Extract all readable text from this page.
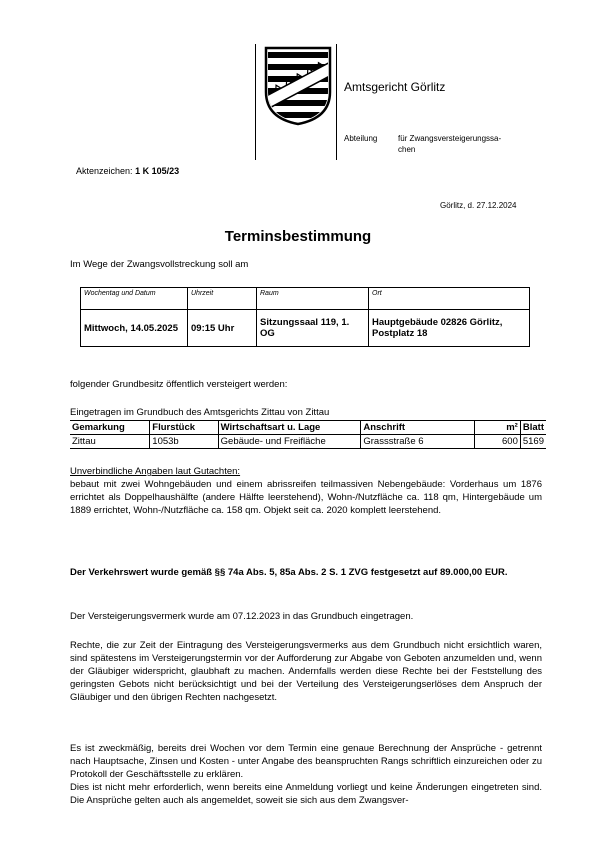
Amtsgericht Görlitz
Abteilung	für Zwangsversteigerungssa-
chen
Aktenzeichen: 1 K 105/23
Görlitz, d. 27.12.2024
Terminsbestimmung
Im Wege der Zwangsvollstreckung soll am
Wochentag und Datum	Uhrzeit	Raum	Ort
Mittwoch, 14.05.2025	09:15 Uhr	Sitzungssaal 119, 1. OG	Hauptgebäude 02826 Görlitz, Postplatz 18
folgender Grundbesitz öffentlich versteigert werden:
Eingetragen im Grundbuch des Amtsgerichts Zittau von Zittau
Gemarkung	Flurstück	Wirtschaftsart u. Lage	Anschrift	m²	Blatt
Zittau	1053b	Gebäude- und Freifläche	Grassstraße 6	600	5169
Unverbindliche Angaben laut Gutachten:
bebaut mit zwei Wohngebäuden und einem abrissreifen teilmassiven Nebengebäude: Vorderhaus um 1876 errichtet als Doppelhaushälfte (andere Hälfte leerstehend), Wohn-/Nutzfläche ca. 118 qm, Hintergebäude um 1889 errichtet, Wohn-/Nutzfläche ca. 158 qm. Objekt seit ca. 2020 komplett leerstehend.
Der Verkehrswert wurde gemäß §§ 74a Abs. 5, 85a Abs. 2 S. 1 ZVG festgesetzt auf 89.000,00 EUR.
Der Versteigerungsvermerk wurde am 07.12.2023 in das Grundbuch eingetragen.
Rechte, die zur Zeit der Eintragung des Versteigerungsvermerks aus dem Grundbuch nicht ersichtlich waren, sind spätestens im Versteigerungstermin vor der Aufforderung zur Abgabe von Geboten anzumelden und, wenn der Gläubiger widerspricht, glaubhaft zu machen. Andernfalls werden diese Rechte bei der Feststellung des geringsten Gebots nicht berücksichtigt und bei der Verteilung des Versteigerungserlöses dem Anspruch der Gläubiger und den übrigen Rechten nachgesetzt.
Es ist zweckmäßig, bereits drei Wochen vor dem Termin eine genaue Berechnung der Ansprüche - getrennt nach Hauptsache, Zinsen und Kosten - unter Angabe des beanspruchten Rangs schriftlich einzureichen oder zu Protokoll der Geschäftsstelle zu erklären.
Dies ist nicht mehr erforderlich, wenn bereits eine Anmeldung vorliegt und keine Änderungen eingetreten sind. Die Ansprüche gelten auch als angemeldet, soweit sie sich aus dem Zwangsver-
